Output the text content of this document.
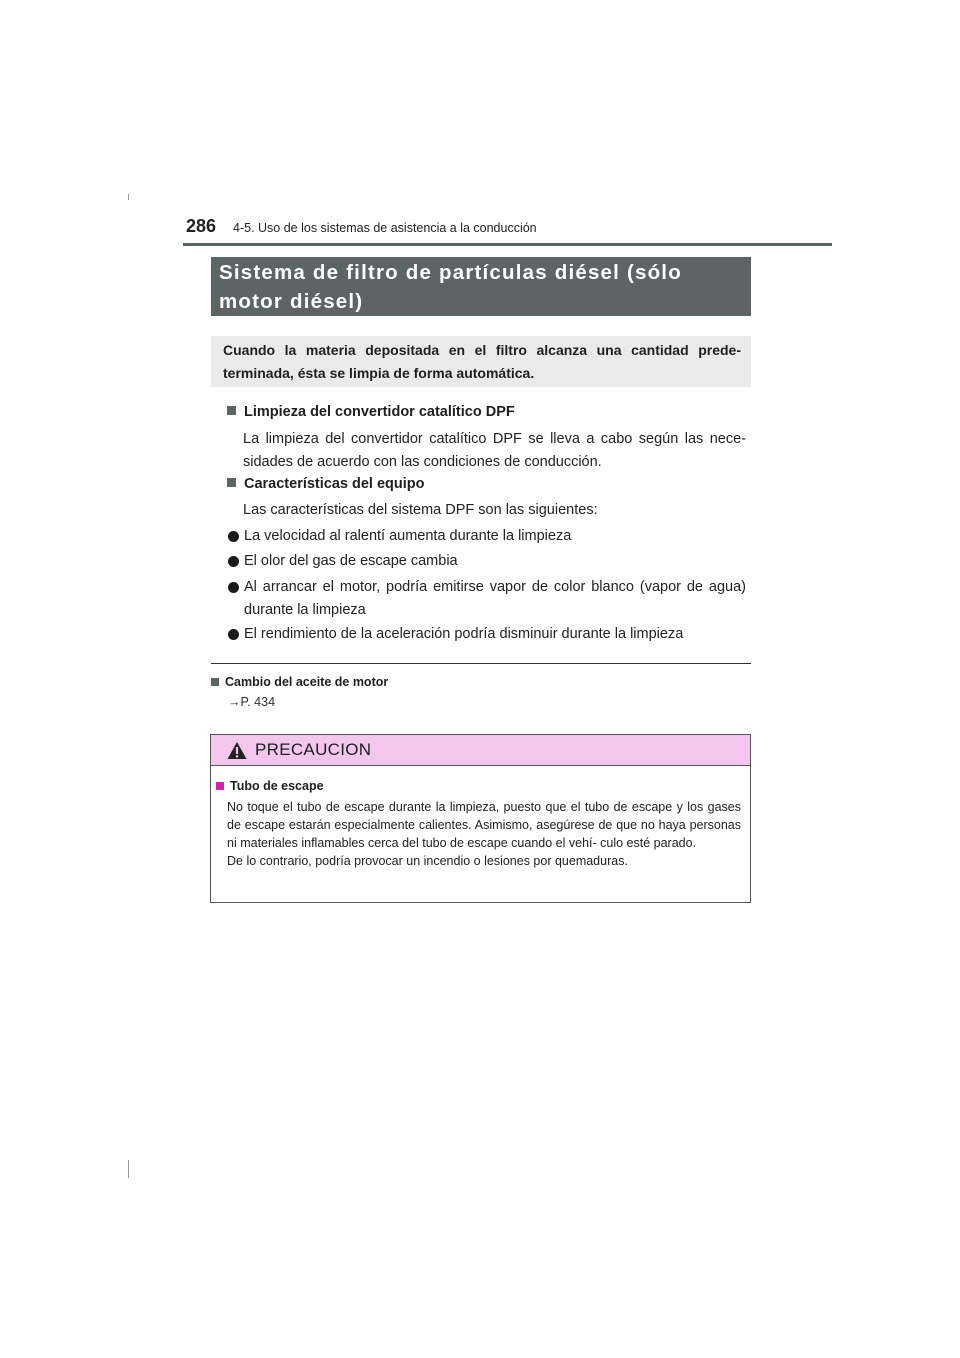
286 4-5. Uso de los sistemas de asistencia a la conducción
Sistema de filtro de partículas diésel (sólo
motor diésel)
Cuando la materia depositada en el filtro alcanza una cantidad prede- terminada, ésta se limpia de forma automática.
Limpieza del convertidor catalítico DPF
La limpieza del convertidor catalítico DPF se lleva a cabo según las nece- sidades de acuerdo con las condiciones de conducción.
Características del equipo
Las características del sistema DPF son las siguientes:
La velocidad al ralentí aumenta durante la limpieza
El olor del gas de escape cambia
Al arrancar el motor, podría emitirse vapor de color blanco (vapor de agua) durante la limpieza
El rendimiento de la aceleración podría disminuir durante la limpieza
Cambio del aceite de motor
→P. 434
PRECAUCION
Tubo de escape

No toque el tubo de escape durante la limpieza, puesto que el tubo de escape y los gases de escape estarán especialmente calientes. Asimismo, asegúrese de que no haya personas ni materiales inflamables cerca del tubo de escape cuando el vehí- culo esté parado.

De lo contrario, podría provocar un incendio o lesiones por quemaduras.
